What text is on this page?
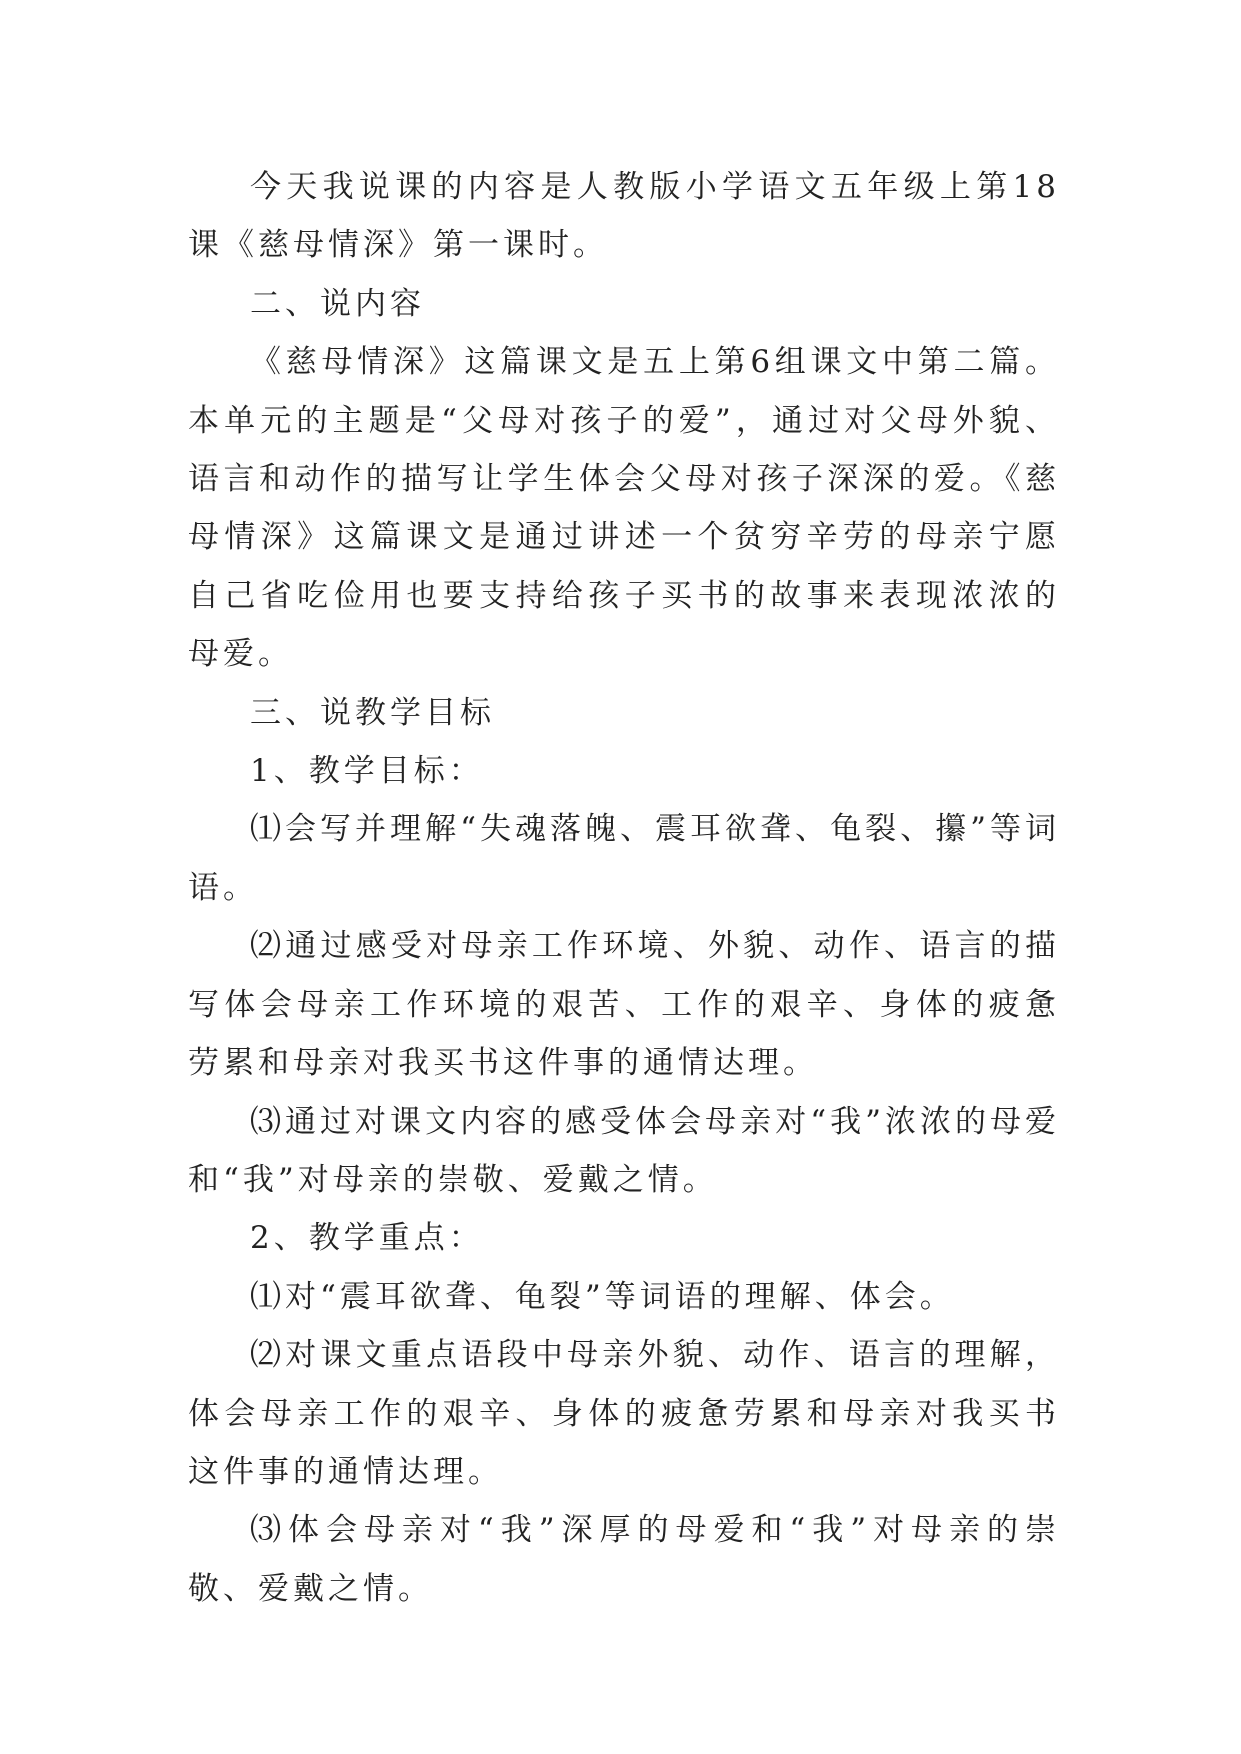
今天我说课的内容是人教版小学语文五年级上第18课《慈母情深》第一课时。

二、说内容

《慈母情深》这篇课文是五上第6组课文中第二篇。本单元的主题是“父母对孩子的爱”，通过对父母外貌、语言和动作的描写让学生体会父母对孩子深深的爱。《慈母情深》这篇课文是通过讲述一个贫穷辛劳的母亲宁愿自己省吃俭用也要支持给孩子买书的故事来表现浓浓的母爱。

三、说教学目标

1、教学目标：

⑴会写并理解“失魂落魄、震耳欲聋、龟裂、攥”等词语。

⑵通过感受对母亲工作环境、外貌、动作、语言的描写体会母亲工作环境的艰苦、工作的艰辛、身体的疲惫劳累和母亲对我买书这件事的通情达理。

⑶通过对课文内容的感受体会母亲对“我”浓浓的母爱和“我”对母亲的崇敬、爱戴之情。

2、教学重点：

⑴对“震耳欲聋、龟裂”等词语的理解、体会。

⑵对课文重点语段中母亲外貌、动作、语言的理解，体会母亲工作的艰辛、身体的疲惫劳累和母亲对我买书这件事的通情达理。

⑶体会母亲对“我”深厚的母爱和“我”对母亲的崇敬、爱戴之情。
